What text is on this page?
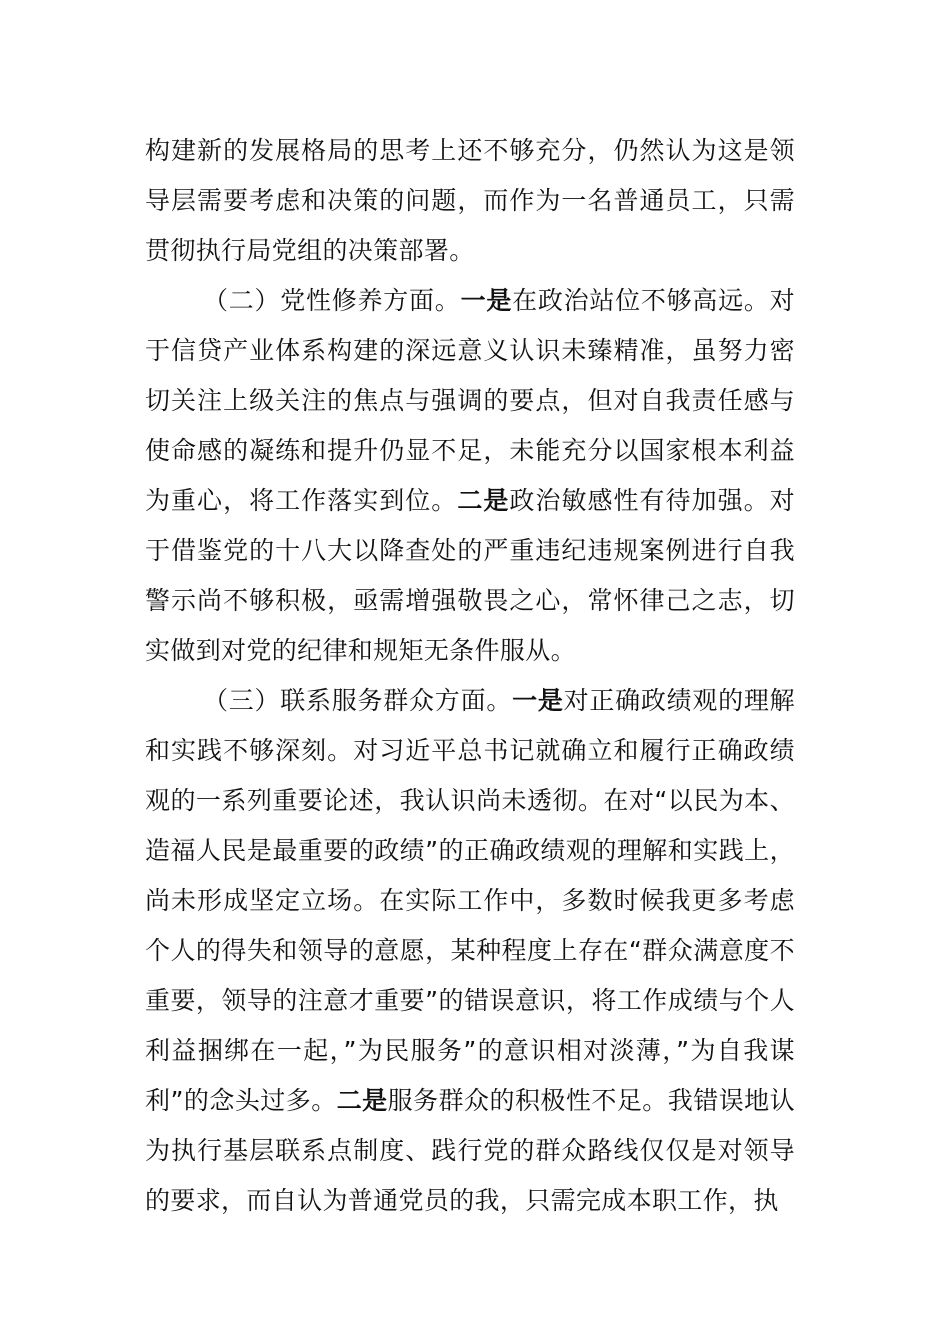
构建新的发展格局的思考上还不够充分，仍然认为这是领导层需要考虑和决策的问题，而作为一名普通员工，只需贯彻执行局党组的决策部署。

（二）党性修养方面。一是在政治站位不够高远。对于信贷产业体系构建的深远意义认识未臻精准，虽努力密切关注上级关注的焦点与强调的要点，但对自我责任感与使命感的凝练和提升仍显不足，未能充分以国家根本利益为重心，将工作落实到位。二是政治敏感性有待加强。对于借鉴党的十八大以降查处的严重违纪违规案例进行自我警示尚不够积极，亟需增强敬畏之心，常怀律己之志，切实做到对党的纪律和规矩无条件服从。

（三）联系服务群众方面。一是对正确政绩观的理解和实践不够深刻。对习近平总书记就确立和履行正确政绩观的一系列重要论述，我认识尚未透彻。在对“以民为本、造福人民是最重要的政绩”的正确政绩观的理解和实践上，尚未形成坚定立场。在实际工作中，多数时候我更多考虑个人的得失和领导的意愿，某种程度上存在“群众满意度不重要，领导的注意才重要”的错误意识，将工作成绩与个人利益捆绑在一起，”为民服务”的意识相对淡薄，”为自我谋利”的念头过多。二是服务群众的积极性不足。我错误地认为执行基层联系点制度、践行党的群众路线仅仅是对领导的要求，而自认为普通党员的我，只需完成本职工作，执
